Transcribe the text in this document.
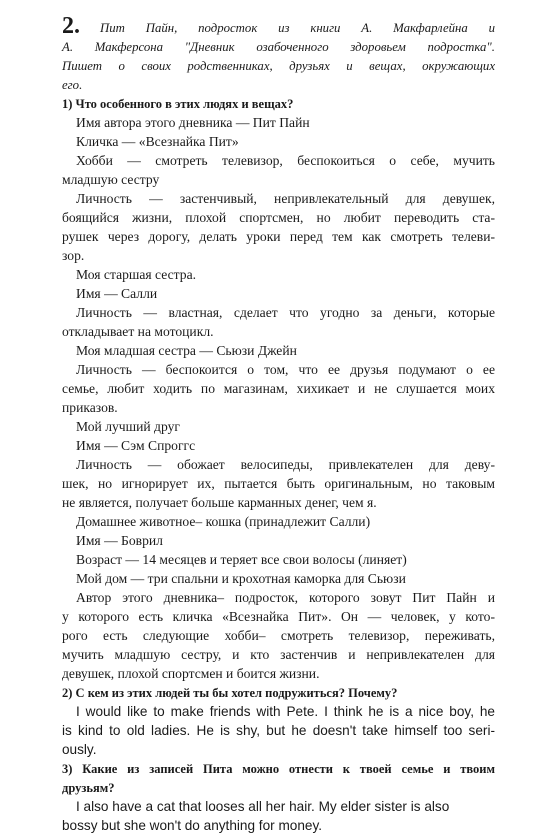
2. Пит Пайн, подросток из книги А. Макфарлейна и
А. Макферсона "Дневник озабоченного здоровьем подростка".
Пишет о своих родственниках, друзьях и вещах, окружающих
его.
1) Что особенного в этих людях и вещах?
Имя автора этого дневника — Пит Пайн
Кличка — «Всезнайка Пит»
Хобби — смотреть телевизор, беспокоиться о себе, мучить
младшую сестру
Личность — застенчивый, непривлекательный для девушек,
боящийся жизни, плохой спортсмен, но любит переводить ста-
рушек через дорогу, делать уроки перед тем как смотреть телеви-
зор.
Моя старшая сестра.
Имя — Салли
Личность — властная, сделает что угодно за деньги, которые
откладывает на мотоцикл.
Моя младшая сестра — Сьюзи Джейн
Личность — беспокоится о том, что ее друзья подумают о ее
семье, любит ходить по магазинам, хихикает и не слушается моих
приказов.
Мой лучший друг
Имя — Сэм Спроггс
Личность — обожает велосипеды, привлекателен для деву-
шек, но игнорирует их, пытается быть оригинальным, но таковым
не является, получает больше карманных денег, чем я.
Домашнее животное– кошка (принадлежит Салли)
Имя — Боврил
Возраст — 14 месяцев и теряет все свои волосы (линяет)
Мой дом — три спальни и крохотная каморка для Сьюзи
Автор этого дневника– подросток, которого зовут Пит Пайн и
у которого есть кличка «Всезнайка Пит». Он — человек, у кото-
рого есть следующие хобби– смотреть телевизор, переживать,
мучить младшую сестру, и кто застенчив и непривлекателен для
девушек, плохой спортсмен и боится жизни.
2) С кем из этих людей ты бы хотел подружиться? Почему?
I would like to make friends with Pete. I think he is a nice boy, he
is kind to old ladies. He is shy, but he doesn't take himself too seri-
ously.
3) Какие из записей Пита можно отнести к твоей семье и твоим
друзьям?
I also have a cat that looses all her hair. My elder sister is also
bossy but she won't do anything for money.
